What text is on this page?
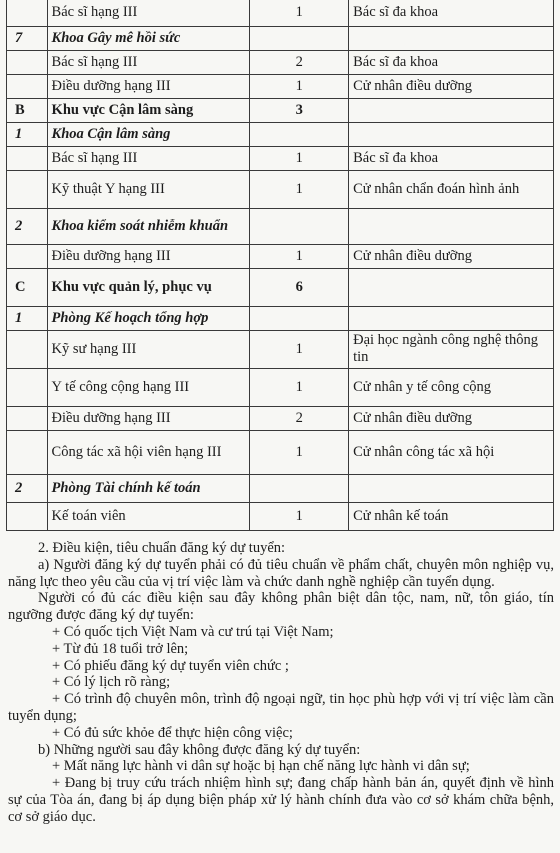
	Bác sĩ hạng III	1	Bác sĩ đa khoa
7	Khoa Gây mê hồi sức		
	Bác sĩ hạng III	2	Bác sĩ đa khoa
	Điều dưỡng hạng III	1	Cử nhân điều dưỡng
B	Khu vực Cận lâm sàng	3	
1	Khoa Cận lâm sàng		
	Bác sĩ hạng III	1	Bác sĩ đa khoa
	Kỹ thuật Y hạng III	1	Cử nhân chẩn đoán hình ảnh
2	Khoa kiểm soát nhiễm khuẩn		
	Điều dưỡng hạng III	1	Cử nhân điều dưỡng
C	Khu vực quản lý, phục vụ	6	
1	Phòng Kế hoạch tổng hợp		
	Kỹ sư hạng III	1	Đại học ngành công nghệ thông tin
	Y tế công cộng hạng III	1	Cử nhân y tế công cộng
	Điều dưỡng hạng III	2	Cử nhân điều dưỡng
	Công tác xã hội viên hạng III	1	Cử nhân công tác xã hội
2	Phòng Tài chính kế toán		
	Kế toán viên	1	Cử nhân kế toán

2. Điều kiện, tiêu chuẩn đăng ký dự tuyển:

a) Người đăng ký dự tuyển phải có đủ tiêu chuẩn về phẩm chất, chuyên môn nghiệp vụ, năng lực theo yêu cầu của vị trí việc làm và chức danh nghề nghiệp cần tuyển dụng.

Người có đủ các điều kiện sau đây không phân biệt dân tộc, nam, nữ, tôn giáo, tín ngưỡng được đăng ký dự tuyển:

+ Có quốc tịch Việt Nam và cư trú tại Việt Nam;

+ Từ đủ 18 tuổi trở lên;

+ Có phiếu đăng ký dự tuyển viên chức ;

+ Có lý lịch rõ ràng;

+ Có trình độ chuyên môn, trình độ ngoại ngữ, tin học phù hợp với vị trí việc làm cần tuyển dụng;

+ Có đủ sức khỏe để thực hiện công việc;

b) Những người sau đây không được đăng ký dự tuyển:

+ Mất năng lực hành vi dân sự hoặc bị hạn chế năng lực hành vi dân sự;

+ Đang bị truy cứu trách nhiệm hình sự; đang chấp hành bản án, quyết định về hình sự của Tòa án, đang bị áp dụng biện pháp xử lý hành chính đưa vào cơ sở khám chữa bệnh, cơ sở giáo dục.
